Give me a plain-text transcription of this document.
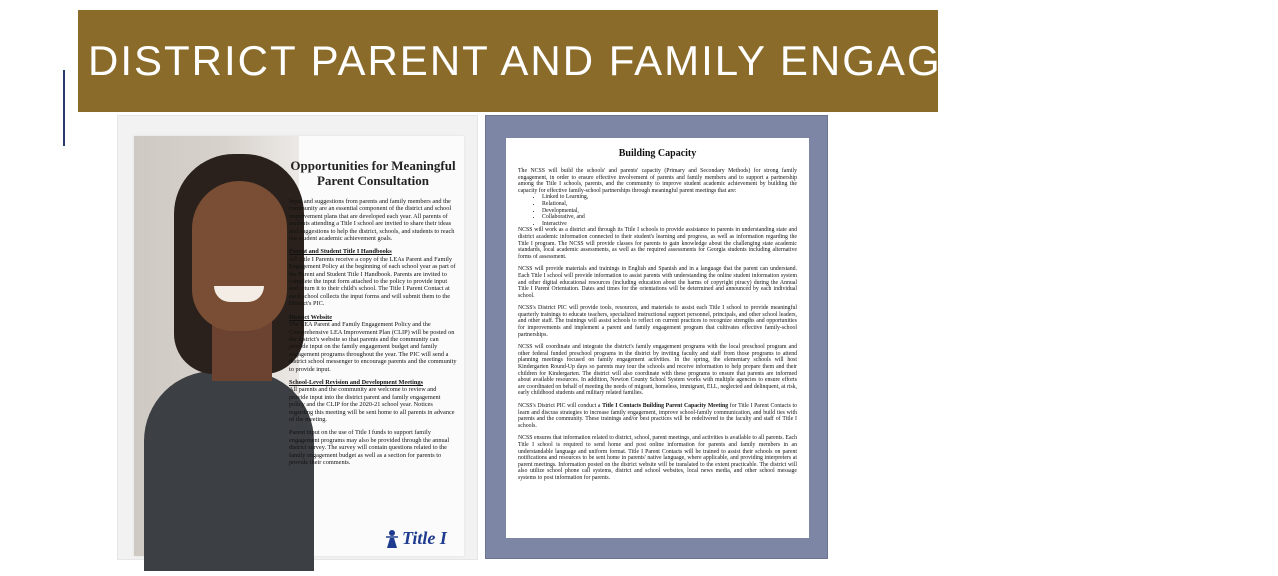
DISTRICT PARENT AND FAMILY ENGAGEMENT POLICY
Opportunities for Meaningful Parent Consultation

Input and suggestions from parents and family members and the community are an essential component of the district and school improvement plans that are developed each year. All parents of students attending a Title I school are invited to share their ideas and suggestions to help the district, schools, and students to reach our student academic achievement goals.

Parent and Student Title I Handbooks
All Title I Parents receive a copy of the LEAs Parent and Family Engagement Policy at the beginning of each school year as part of the Parent and Student Title I Handbook. Parents are invited to complete the input form attached to the policy to provide input and return it to their child's school. The Title I Parent Contact at each school collects the input forms and will submit them to the District's PIC.

District Website
The LEA Parent and Family Engagement Policy and the Comprehensive LEA Improvement Plan (CLIP) will be posted on the district's website so that parents and the community can provide input on the family engagement budget and family engagement programs throughout the year. The PIC will send a district school messenger to encourage parents and the community to provide input.

School-Level Revision and Development Meetings
All parents and the community are welcome to review and provide input into the district parent and family engagement policy and the CLIP for the 2020-21 school year. Notices regarding this meeting will be sent home to all parents in advance of the meeting.

Parent input on the use of Title I funds to support family engagement programs may also be provided through the annual district survey. The survey will contain questions related to the family engagement budget as well as a section for parents to provide their comments.

Title I
Building Capacity

The NCSS will build the schools' and parents' capacity (Primary and Secondary Methods) for strong family engagement, in order to ensure effective involvement of parents and family members and to support a partnership among the Title I schools, parents, and the community to improve student academic achievement by building the capacity for effective family-school partnerships through meaningful parent meetings that are:

• Linked to Learning,
• Relational,
• Developmental,
• Collaborative, and
• Interactive

NCSS will work as a district and through its Title I schools to provide assistance to parents in understanding state and district academic information connected to their student's learning and progress, as well as information regarding the Title I program. The NCSS will provide classes for parents to gain knowledge about the challenging state academic standards, local academic assessments, as well as the required assessments for Georgia students including alternative forms of assessment.

NCSS will provide materials and trainings in English and Spanish and in a language that the parent can understand. Each Title I school will provide information to assist parents with understanding the online student information system and other digital educational resources (including education about the harms of copyright piracy) during the Annual Title I Parent Orientation. Dates and times for the orientations will be determined and announced by each individual school.

NCSS's District PIC will provide tools, resources, and materials to assist each Title I school to provide meaningful quarterly trainings to educate teachers, specialized instructional support personnel, principals, and other school leaders, and other staff. The trainings will assist schools to reflect on current practices to recognize strengths and opportunities for improvements and implement a parent and family engagement program that cultivates effective family-school partnerships.

NCSS will coordinate and integrate the district's family engagement programs with the local preschool program and other federal funded preschool programs in the district by inviting faculty and staff from those programs to attend planning meetings focused on family engagement activities. In the spring, the elementary schools will host Kindergarten Round-Up days so parents may tour the schools and receive information to help prepare them and their children for Kindergarten. The district will also coordinate with these programs to ensure that parents are informed about available resources. In addition, Newton County School System works with multiple agencies to ensure efforts are coordinated on behalf of meeting the needs of migrant, homeless, immigrant, ELL, neglected and delinquent, at risk, early childhood students and military related families.

NCSS's District PIC will conduct a Title I Contacts Building Parent Capacity Meeting for Title I Parent Contacts to learn and discuss strategies to increase family engagement, improve school-family communication, and build ties with parents and the community. These trainings and/or best practices will be redelivered to the faculty and staff of Title I schools.

NCSS ensures that information related to district, school, parent meetings, and activities is available to all parents. Each Title I school is required to send home and post online information for parents and family members in an understandable language and uniform format. Title I Parent Contacts will be trained to assist their schools on parent notifications and resources to be sent home in parents' native language, where applicable, and providing interpreters at parent meetings. Information posted on the district website will be translated to the extent practicable. The district will also utilize school phone call systems, district and school websites, local news media, and other school message systems to post information for parents.
